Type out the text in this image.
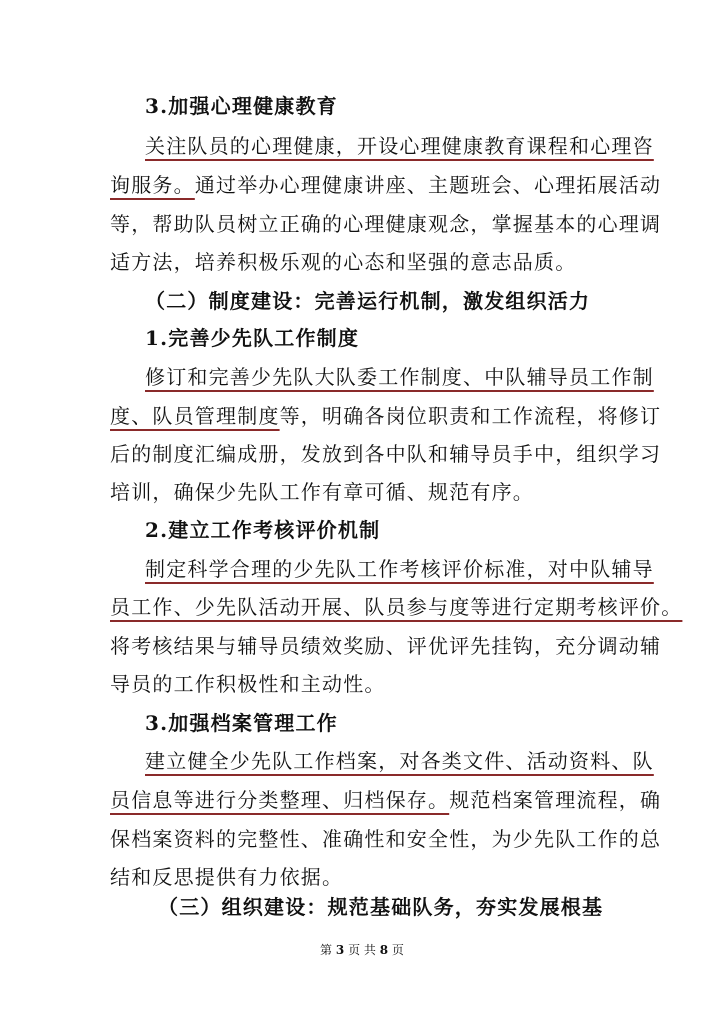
3.加强心理健康教育
关注队员的心理健康，开设心理健康教育课程和心理咨
询服务。通过举办心理健康讲座、主题班会、心理拓展活动
等，帮助队员树立正确的心理健康观念，掌握基本的心理调
适方法，培养积极乐观的心态和坚强的意志品质。
（二）制度建设：完善运行机制，激发组织活力
1.完善少先队工作制度
修订和完善少先队大队委工作制度、中队辅导员工作制
度、队员管理制度等，明确各岗位职责和工作流程，将修订
后的制度汇编成册，发放到各中队和辅导员手中，组织学习
培训，确保少先队工作有章可循、规范有序。
2.建立工作考核评价机制
制定科学合理的少先队工作考核评价标准，对中队辅导
员工作、少先队活动开展、队员参与度等进行定期考核评价。
将考核结果与辅导员绩效奖励、评优评先挂钩，充分调动辅
导员的工作积极性和主动性。
3.加强档案管理工作
建立健全少先队工作档案，对各类文件、活动资料、队
员信息等进行分类整理、归档保存。规范档案管理流程，确
保档案资料的完整性、准确性和安全性，为少先队工作的总
结和反思提供有力依据。
（三）组织建设：规范基础队务，夯实发展根基
第 3 页 共 8 页
